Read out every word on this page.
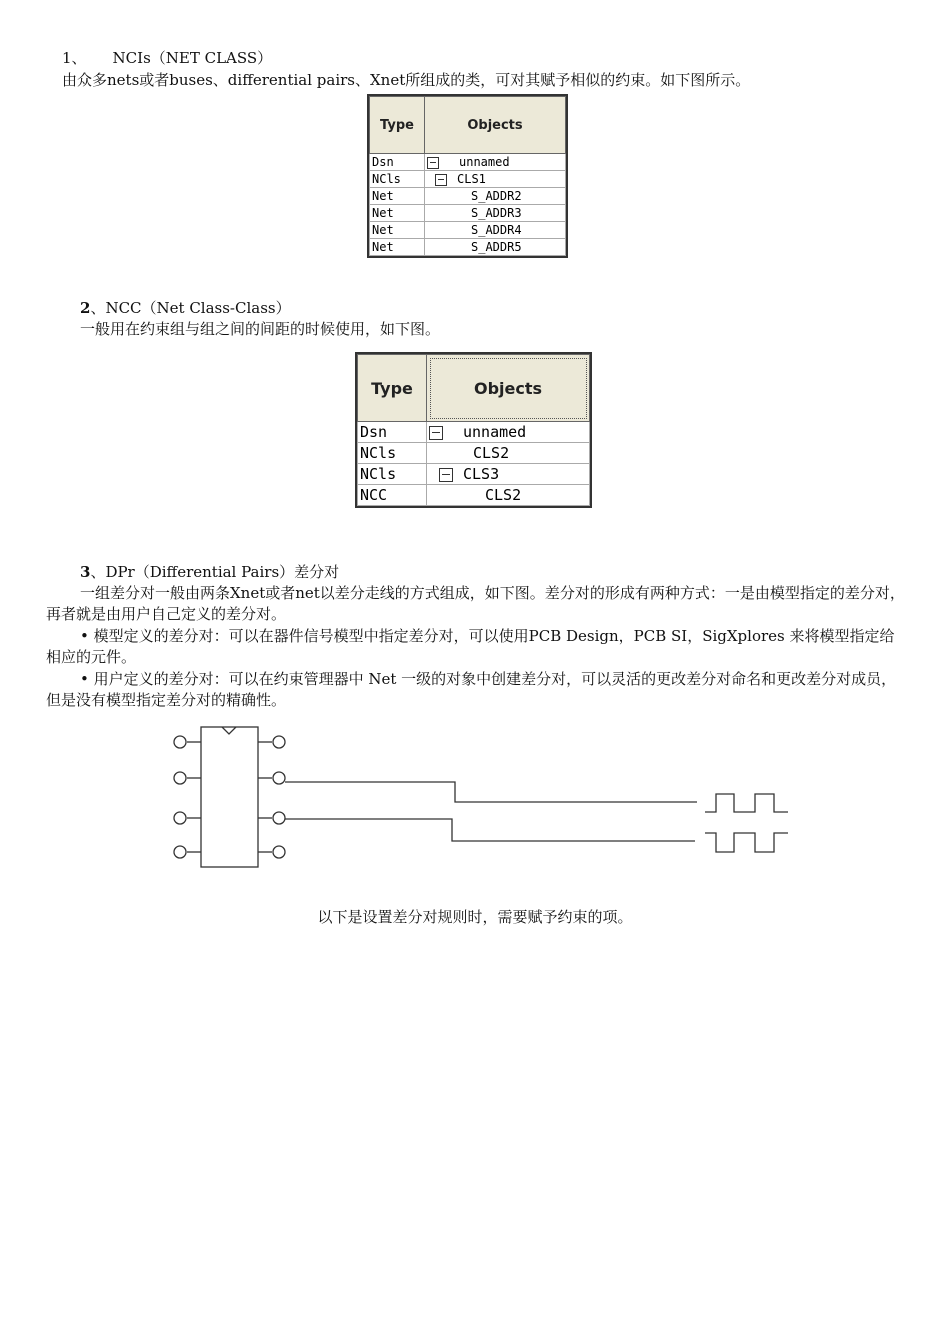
1、 NCIs（NET CLASS）
由众多nets或者buses、differential pairs、Xnet所组成的类，可对其赋予相似的约束。如下图所示。
Type	Objects
Dsn	unnamed
NCls	CLS1
Net	S_ADDR2
Net	S_ADDR3
Net	S_ADDR4
Net	S_ADDR5
2、NCC（Net Class-Class）
一般用在约束组与组之间的间距的时候使用，如下图。
Type	Objects
Dsn	unnamed
NCls	CLS2
NCls	CLS3
NCC	CLS2
3、DPr（Differential Pairs）差分对
一组差分对一般由两条Xnet或者net以差分走线的方式组成，如下图。差分对的形成有两种方式：一是由模型指定的差分对，再者就是由用户自己定义的差分对。
• 模型定义的差分对：可以在器件信号模型中指定差分对，可以使用PCB Design，PCB SI，SigXplores 来将模型指定给相应的元件。
• 用户定义的差分对：可以在约束管理器中 Net 一级的对象中创建差分对，可以灵活的更改差分对命名和更改差分对成员，但是没有模型指定差分对的精确性。
以下是设置差分对规则时，需要赋予约束的项。
